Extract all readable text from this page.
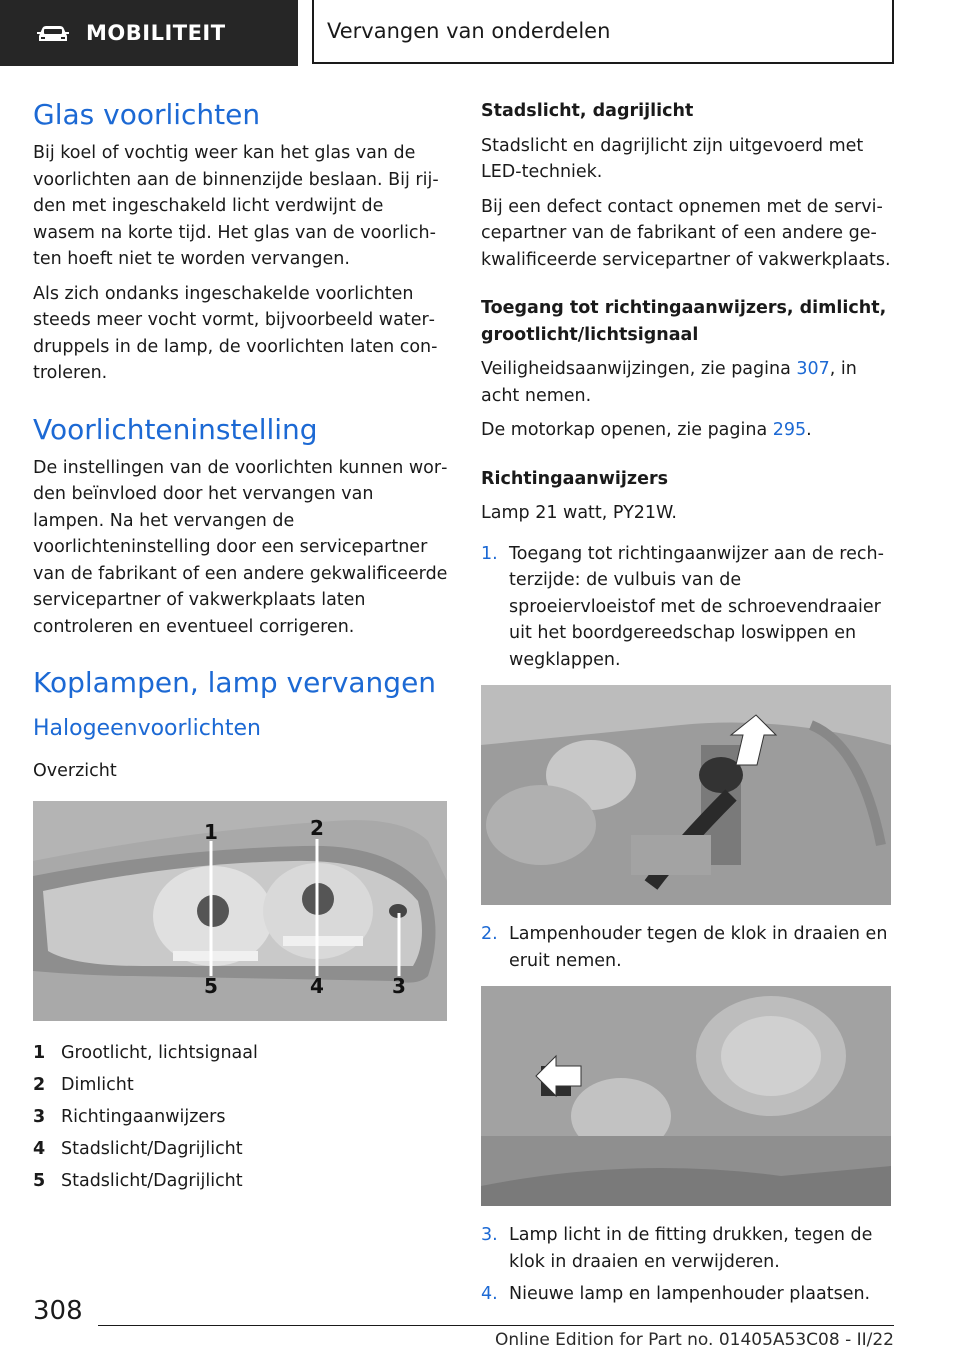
MOBILITEIT	Vervangen van onderdelen
Glas voorlichten

Bij koel of vochtig weer kan het glas van de voorlichten aan de binnenzijde beslaan. Bij rijden met ingeschakeld licht verdwijnt de wasem na korte tijd. Het glas van de voorlichten hoeft niet te worden vervangen.

Als zich ondanks ingeschakelde voorlichten steeds meer vocht vormt, bijvoorbeeld waterdruppels in de lamp, de voorlichten laten controleren.

Voorlichteninstelling

De instellingen van de voorlichten kunnen worden beïnvloed door het vervangen van lampen. Na het vervangen de voorlichteninstelling door een servicepartner van de fabrikant of een andere gekwalificeerde servicepartner of vakwerkplaats laten controleren en eventueel corrigeren.

Koplampen, lamp vervangen
Halogeenvoorlichten

Overzicht

1	2
5	4	3
1 Grootlicht, lichtsignaal
2 Dimlicht
3 Richtingaanwijzers
4 Stadslicht/Dagrijlicht
5 Stadslicht/Dagrijlicht
Stadslicht, dagrijlicht

Stadslicht en dagrijlicht zijn uitgevoerd met LED-techniek.

Bij een defect contact opnemen met de servicepartner van de fabrikant of een andere gekwalificeerde servicepartner of vakwerkplaats.

Toegang tot richtingaanwijzers, dimlicht, grootlicht/lichtsignaal

Veiligheidsaanwijzingen, zie pagina 307, in acht nemen.

De motorkap openen, zie pagina 295.

Richtingaanwijzers

Lamp 21 watt, PY21W.

1. Toegang tot richtingaanwijzer aan de rechterzijde: de vulbuis van de sproeiervloeistof met de schroevendraaier uit het boordgereedschap loswippen en wegklappen.
2. Lampenhouder tegen de klok in draaien en eruit nemen.
3. Lamp licht in de fitting drukken, tegen de klok in draaien en verwijderen.
4. Nieuwe lamp en lampenhouder plaatsen.
308
Online Edition for Part no. 01405A53C08 - II/22
